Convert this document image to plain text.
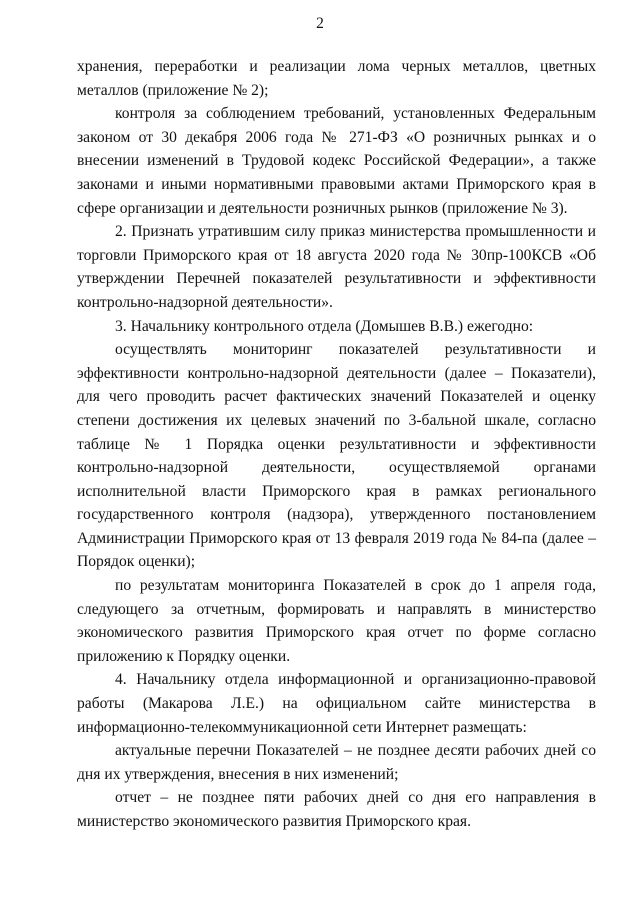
2

хранения, переработки и реализации лома черных металлов, цветных металлов (приложение № 2);

контроля за соблюдением требований, установленных Федеральным законом от 30 декабря 2006 года № 271-ФЗ «О розничных рынках и о внесении изменений в Трудовой кодекс Российской Федерации», а также законами и иными нормативными правовыми актами Приморского края в сфере организации и деятельности розничных рынков (приложение № 3).

2. Признать утратившим силу приказ министерства промышленности и торговли Приморского края от 18 августа 2020 года № 30пр-100КСВ «Об утверждении Перечней показателей результативности и эффективности контрольно-надзорной деятельности».

3. Начальнику контрольного отдела (Домышев В.В.) ежегодно:

осуществлять мониторинг показателей результативности и эффективности контрольно-надзорной деятельности (далее – Показатели), для чего проводить расчет фактических значений Показателей и оценку степени достижения их целевых значений по 3-бальной шкале, согласно таблице № 1 Порядка оценки результативности и эффективности контрольно-надзорной деятельности, осуществляемой органами исполнительной власти Приморского края в рамках регионального государственного контроля (надзора), утвержденного постановлением Администрации Приморского края от 13 февраля 2019 года № 84-па (далее – Порядок оценки);

по результатам мониторинга Показателей в срок до 1 апреля года, следующего за отчетным, формировать и направлять в министерство экономического развития Приморского края отчет по форме согласно приложению к Порядку оценки.

4. Начальнику отдела информационной и организационно-правовой работы (Макарова Л.Е.) на официальном сайте министерства в информационно-телекоммуникационной сети Интернет размещать:

актуальные перечни Показателей – не позднее десяти рабочих дней со дня их утверждения, внесения в них изменений;

отчет – не позднее пяти рабочих дней со дня его направления в министерство экономического развития Приморского края.
